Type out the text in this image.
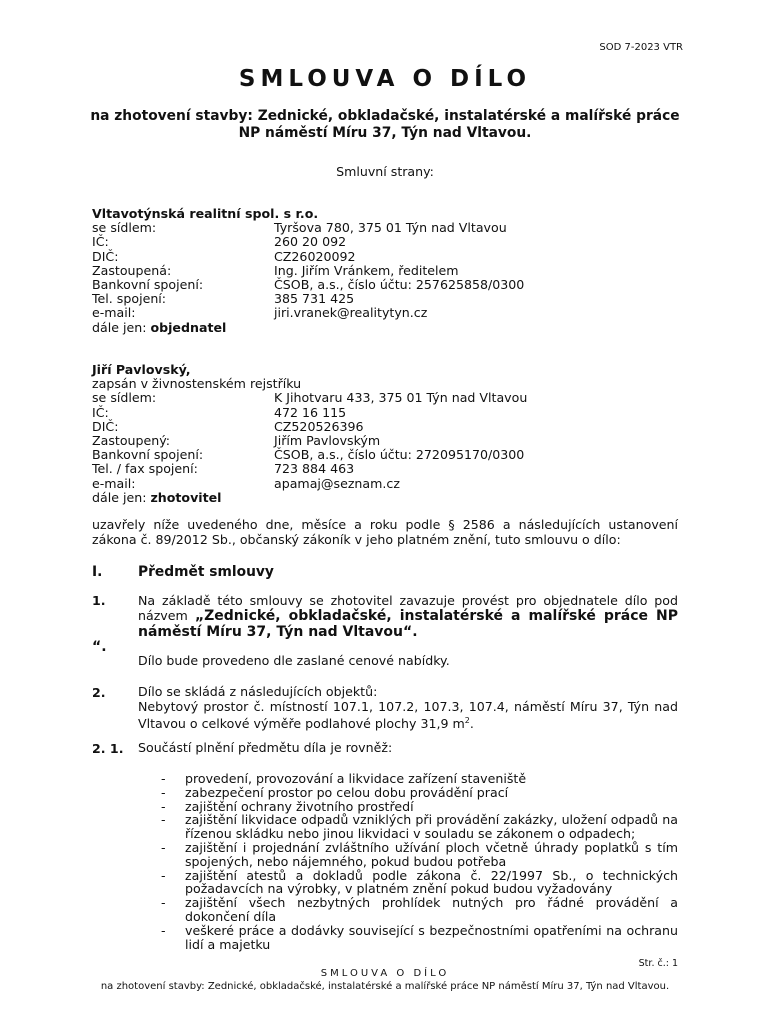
SOD 7-2023 VTR
SMLOUVA O DÍLO
na zhotovení stavby: Zednické, obkladačské, instalatérské a malířské práce NP náměstí Míru 37, Týn nad Vltavou.
Smluvní strany:
Vltavotýnská realitní spol. s r.o.
se sídlem:	Tyršova 780, 375 01 Týn nad Vltavou
IČ:	260 20 092
DIČ:	CZ26020092
Zastoupená:	Ing. Jiřím Vránkem, ředitelem
Bankovní spojení:	ČSOB, a.s., číslo účtu: 257625858/0300
Tel. spojení:	385 731 425
e-mail:	jiri.vranek@realitytyn.cz
dále jen: objednatel
Jiří Pavlovský,
zapsán v živnostenském rejstříku
se sídlem:	K Jihotvaru 433, 375 01 Týn nad Vltavou
IČ:	472 16 115
DIČ:	CZ520526396
Zastoupený:	Jiřím Pavlovským
Bankovní spojení:	ČSOB, a.s., číslo účtu: 272095170/0300
Tel. / fax spojení:	723 884 463
e-mail:	apamaj@seznam.cz
dále jen: zhotovitel
uzavřely níže uvedeného dne, měsíce a roku podle § 2586 a následujících ustanovení zákona č. 89/2012 Sb., občanský zákoník v jeho platném znění, tuto smlouvu o dílo:
I.	Předmět smlouvy
1.	Na základě této smlouvy se zhotovitel zavazuje provést pro objednatele dílo pod názvem „Zednické, obkladačské, instalatérské a malířské práce NP náměstí Míru 37, Týn nad Vltavou“.
“.
Dílo bude provedeno dle zaslané cenové nabídky.
2.	Dílo se skládá z následujících objektů:
Nebytový prostor č. místností 107.1, 107.2, 107.3, 107.4, náměstí Míru 37, Týn nad Vltavou o celkové výměře podlahové plochy 31,9 $m^2$.
2. 1. Součástí plnění předmětu díla je rovněž:
- provedení, provozování a likvidace zařízení staveniště
- zabezpečení prostor po celou dobu provádění prací
- zajištění ochrany životního prostředí
- zajištění likvidace odpadů vzniklých při provádění zakázky, uložení odpadů na řízenou skládku nebo jinou likvidaci v souladu se zákonem o odpadech;
- zajištění i projednání zvláštního užívání ploch včetně úhrady poplatků s tím spojených, nebo nájemného, pokud budou potřeba
- zajištění atestů a dokladů podle zákona č. 22/1997 Sb., o technických požadavcích na výrobky, v platném znění pokud budou vyžadovány
- zajištění všech nezbytných prohlídek nutných pro řádné provádění a dokončení díla
- veškeré práce a dodávky související s bezpečnostními opatřeními na ochranu lidí a majetku
Str. č.: 1
SMLOUVA O DÍLO
na zhotovení stavby: Zednické, obkladačské, instalatérské a malířské práce NP náměstí Míru 37, Týn nad Vltavou.
